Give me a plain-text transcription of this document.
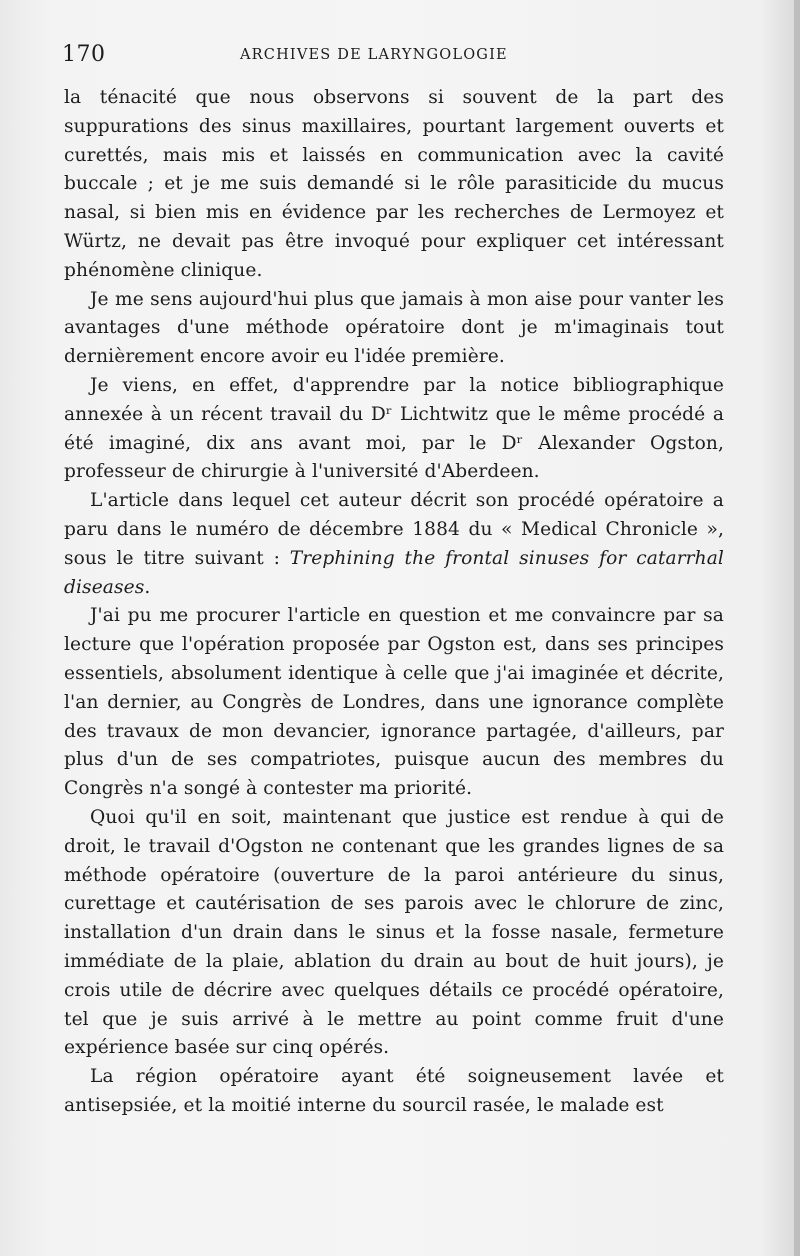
170	ARCHIVES DE LARYNGOLOGIE

la ténacité que nous observons si souvent de la part des suppurations des sinus maxillaires, pourtant largement ouverts et curettés, mais mis et laissés en communication avec la cavité buccale ; et je me suis demandé si le rôle parasiticide du mucus nasal, si bien mis en évidence par les recherches de Lermoyez et Würtz, ne devait pas être invoqué pour expliquer cet intéressant phénomène clinique.

Je me sens aujourd'hui plus que jamais à mon aise pour vanter les avantages d'une méthode opératoire dont je m'imaginais tout dernièrement encore avoir eu l'idée première.

Je viens, en effet, d'apprendre par la notice bibliographique annexée à un récent travail du Dʳ Lichtwitz que le même procédé a été imaginé, dix ans avant moi, par le Dʳ Alexander Ogston, professeur de chirurgie à l'université d'Aberdeen.

L'article dans lequel cet auteur décrit son procédé opératoire a paru dans le numéro de décembre 1884 du « Medical Chronicle », sous le titre suivant : Trephining the frontal sinuses for catarrhal diseases.

J'ai pu me procurer l'article en question et me convaincre par sa lecture que l'opération proposée par Ogston est, dans ses principes essentiels, absolument identique à celle que j'ai imaginée et décrite, l'an dernier, au Congrès de Londres, dans une ignorance complète des travaux de mon devancier, ignorance partagée, d'ailleurs, par plus d'un de ses compatriotes, puisque aucun des membres du Congrès n'a songé à contester ma priorité.

Quoi qu'il en soit, maintenant que justice est rendue à qui de droit, le travail d'Ogston ne contenant que les grandes lignes de sa méthode opératoire (ouverture de la paroi antérieure du sinus, curettage et cautérisation de ses parois avec le chlorure de zinc, installation d'un drain dans le sinus et la fosse nasale, fermeture immédiate de la plaie, ablation du drain au bout de huit jours), je crois utile de décrire avec quelques détails ce procédé opératoire, tel que je suis arrivé à le mettre au point comme fruit d'une expérience basée sur cinq opérés.

La région opératoire ayant été soigneusement lavée et antisepsiée, et la moitié interne du sourcil rasée, le malade est
